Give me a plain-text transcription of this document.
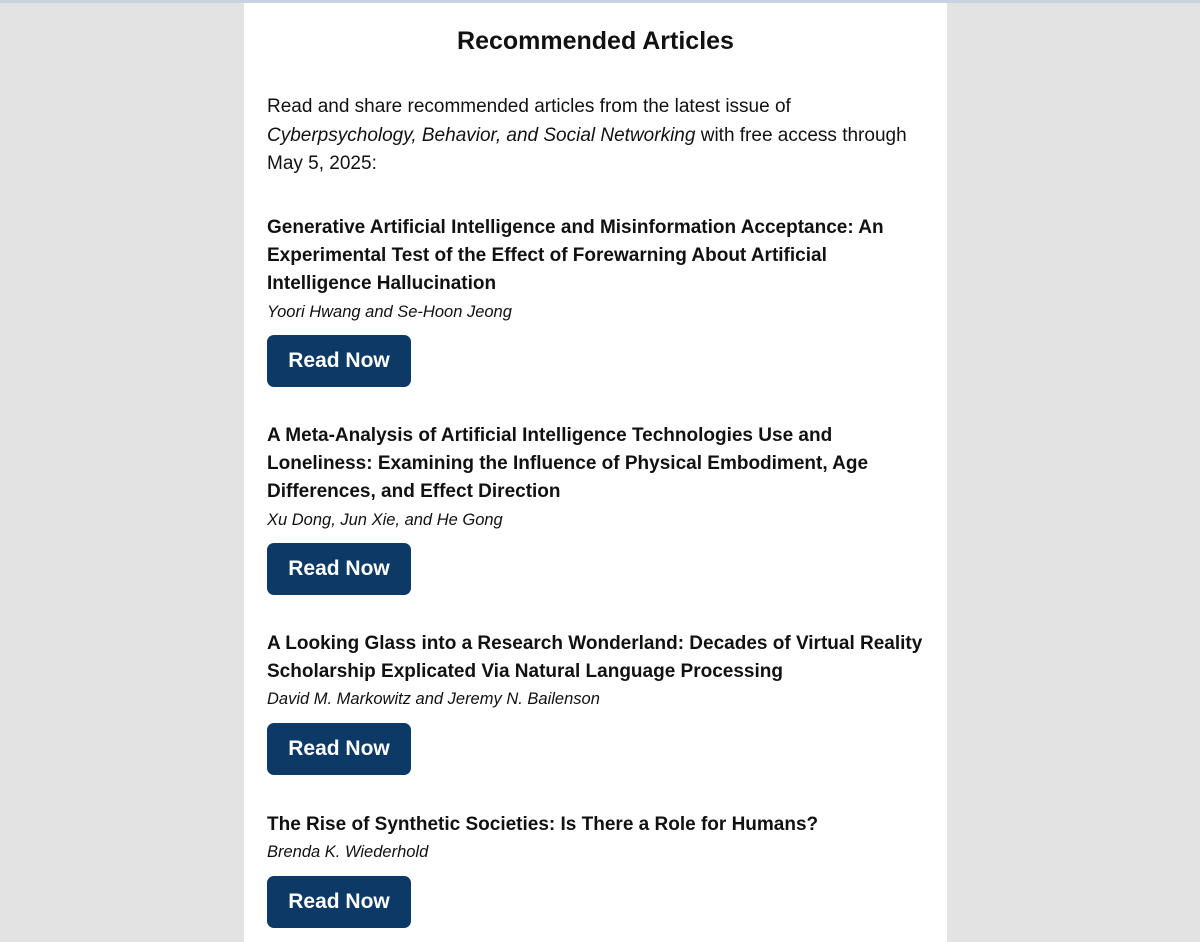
Recommended Articles

Read and share recommended articles from the latest issue of Cyberpsychology, Behavior, and Social Networking with free access through May 5, 2025:

Generative Artificial Intelligence and Misinformation Acceptance: An Experimental Test of the Effect of Forewarning About Artificial Intelligence Hallucination

Yoori Hwang and Se-Hoon Jeong

Read Now

A Meta-Analysis of Artificial Intelligence Technologies Use and Loneliness: Examining the Influence of Physical Embodiment, Age Differences, and Effect Direction

Xu Dong, Jun Xie, and He Gong

Read Now

A Looking Glass into a Research Wonderland: Decades of Virtual Reality Scholarship Explicated Via Natural Language Processing

David M. Markowitz and Jeremy N. Bailenson

Read Now

The Rise of Synthetic Societies: Is There a Role for Humans?

Brenda K. Wiederhold

Read Now
